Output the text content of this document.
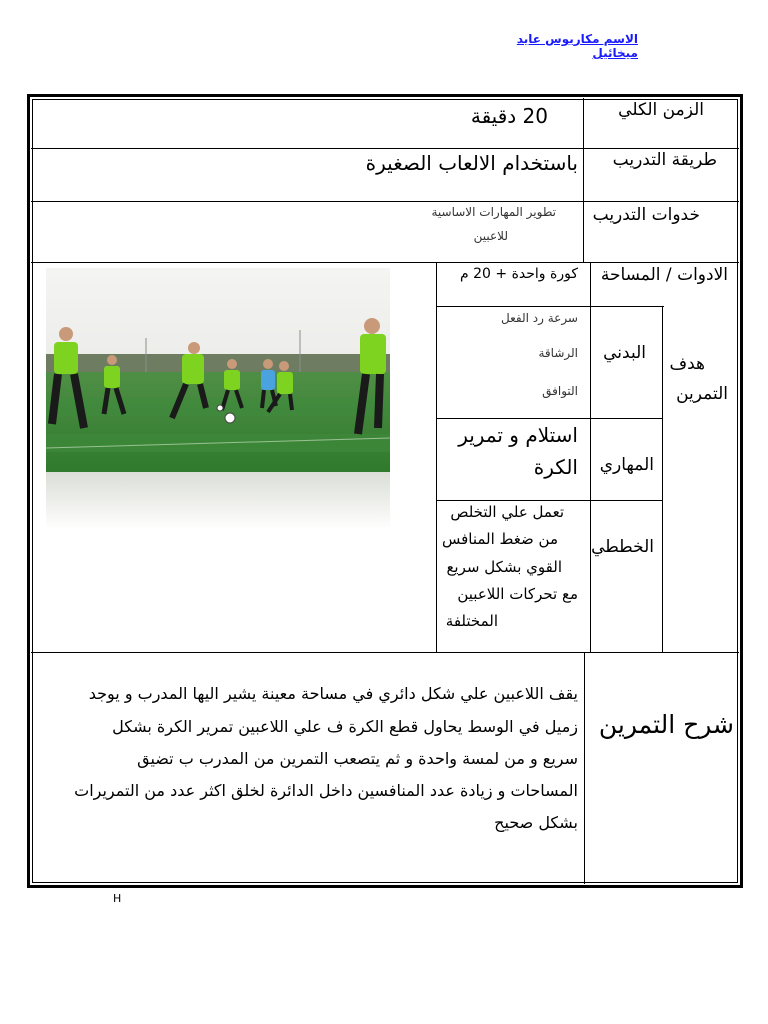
الاسم مكاريوس عايد ميخائيل
الزمن الكلي
20 دقيقة
طريقة التدريب
باستخدام الالعاب الصغيرة
خدوات التدريب
تطوير المهارات الاساسية
للاعبين
الادوات / المساحة
كورة واحدة + 20 م
هدف
التمرين
البدني
سرعة رد الفعل
الرشاقة
التوافق
المهاري
استلام و تمرير
الكرة
الخططي
تعمل علي التخلص
من ضغط المنافس
القوي بشكل سريع
مع تحركات اللاعبين
المختلفة
شرح التمرين
يقف اللاعبين علي شكل دائري في مساحة معينة يشير اليها المدرب و يوجد
زميل في الوسط يحاول قطع الكرة ف علي اللاعبين تمرير الكرة بشكل
سريع و من لمسة واحدة و ثم يتصعب التمرين من المدرب ب تضيق
المساحات و زيادة عدد المنافسين داخل الدائرة لخلق اكثر عدد من التمريرات
بشكل صحيح
H
